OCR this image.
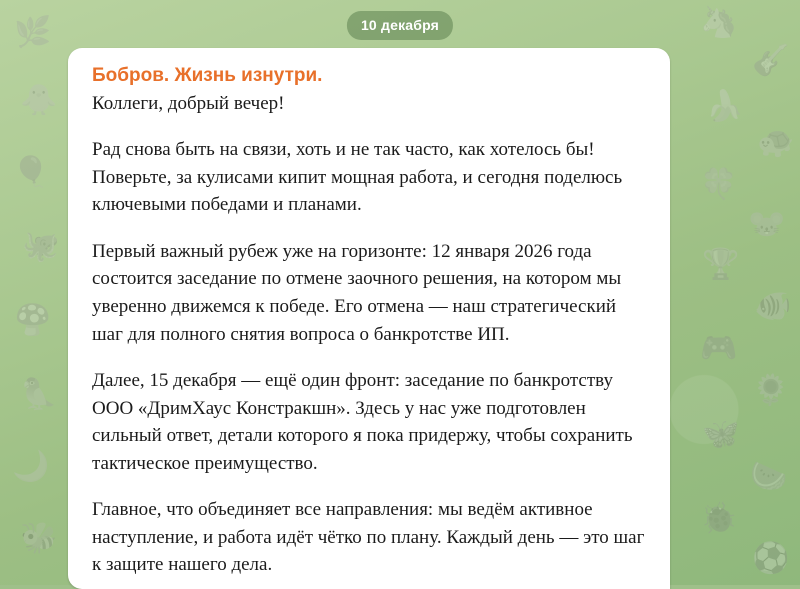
🦄
🎸
🍌
🐢
🍀
🐭
🏆
🐠
🎮
🌻
🦋
🍉
🐞
⚽
🌿
🐥
🎈
🐙
🍄
🦜
🌙
🐝
10 декабря
Бобров. Жизнь изнутри.

Коллеги, добрый вечер!

Рад снова быть на связи, хоть и не так часто, как хотелось бы! Поверьте, за кулисами кипит мощная работа, и сегодня поделюсь ключевыми победами и планами.

Первый важный рубеж уже на горизонте: 12 января 2026 года состоится заседание по отмене заочного решения, на котором мы уверенно движемся к победе. Его отмена — наш стратегический шаг для полного снятия вопроса о банкротстве ИП.

Далее, 15 декабря — ещё один фронт: заседание по банкротству ООО «ДримХаус Констракшн». Здесь у нас уже подготовлен сильный ответ, детали которого я пока придержу, чтобы сохранить тактическое преимущество.

Главное, что объединяет все направления: мы ведём активное наступление, и работа идёт чётко по плану. Каждый день — это шаг к защите нашего дела.
